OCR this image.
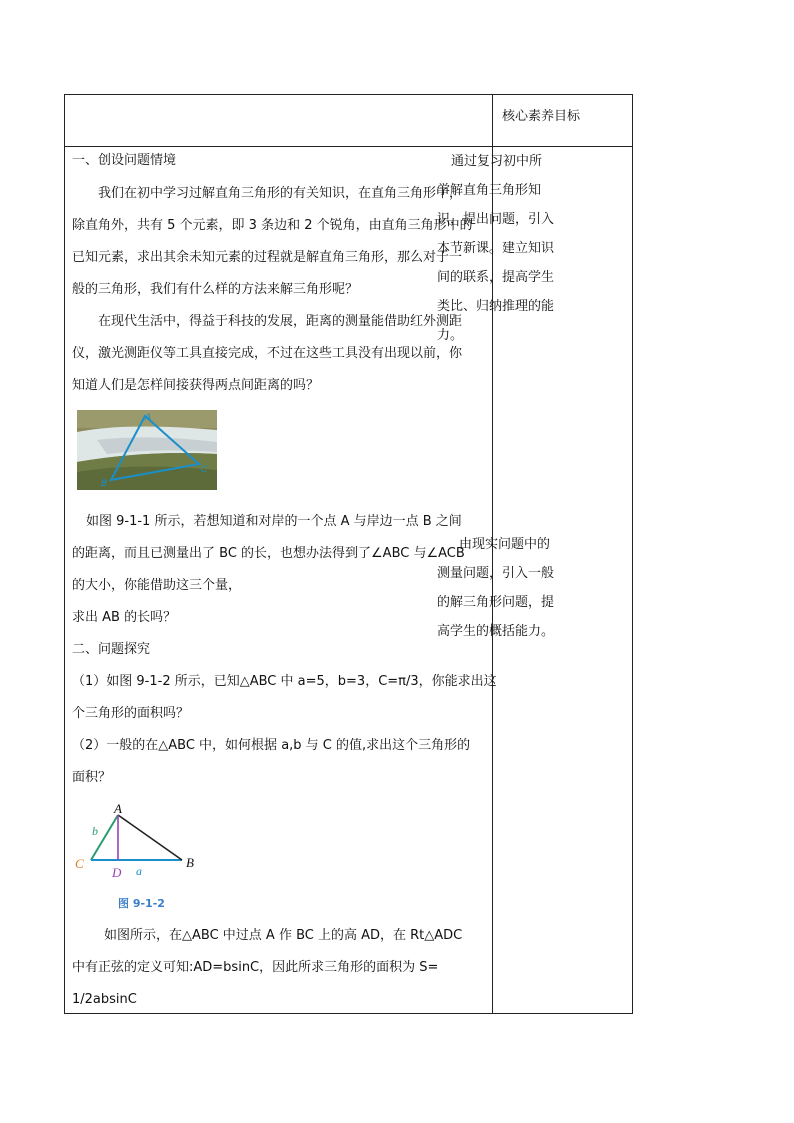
核心素养目标
一、创设问题情境
我们在初中学习过解直角三角形的有关知识，在直角三角形中，
除直角外，共有 5 个元素，即 3 条边和 2 个锐角，由直角三角形中的
已知元素，求出其余未知元素的过程就是解直角三角形，那么对于一
般的三角形，我们有什么样的方法来解三角形呢？
在现代生活中，得益于科技的发展，距离的测量能借助红外测距
仪，激光测距仪等工具直接完成，不过在这些工具没有出现以前，你
知道人们是怎样间接获得两点间距离的吗？
A
B
C
如图 9-1-1 所示，若想知道和对岸的一个点 A 与岸边一点 B 之间
的距离，而且已测量出了 BC 的长，也想办法得到了∠ABC 与∠ACB
的大小，你能借助这三个量，
求出 AB 的长吗？
二、问题探究
（1）如图 9-1-2 所示，已知△ABC 中 a=5，b=3，C=π/3，你能求出这
个三角形的面积吗？
（2）一般的在△ABC 中，如何根据 a,b 与 C 的值,求出这个三角形的
面积？
A
b
C
D a
B
图 9-1-2
如图所示，在△ABC 中过点 A 作 BC 上的高 AD，在 Rt△ADC
中有正弦的定义可知:AD=bsinC，因此所求三角形的面积为 S=
1/2absinC
通过复习初中所
学解直角三角形知
识，提出问题，引入
本节新课。建立知识
间的联系，提高学生
类比、归纳推理的能
力。
由现实问题中的
测量问题，引入一般
的解三角形问题，提
高学生的概括能力。
